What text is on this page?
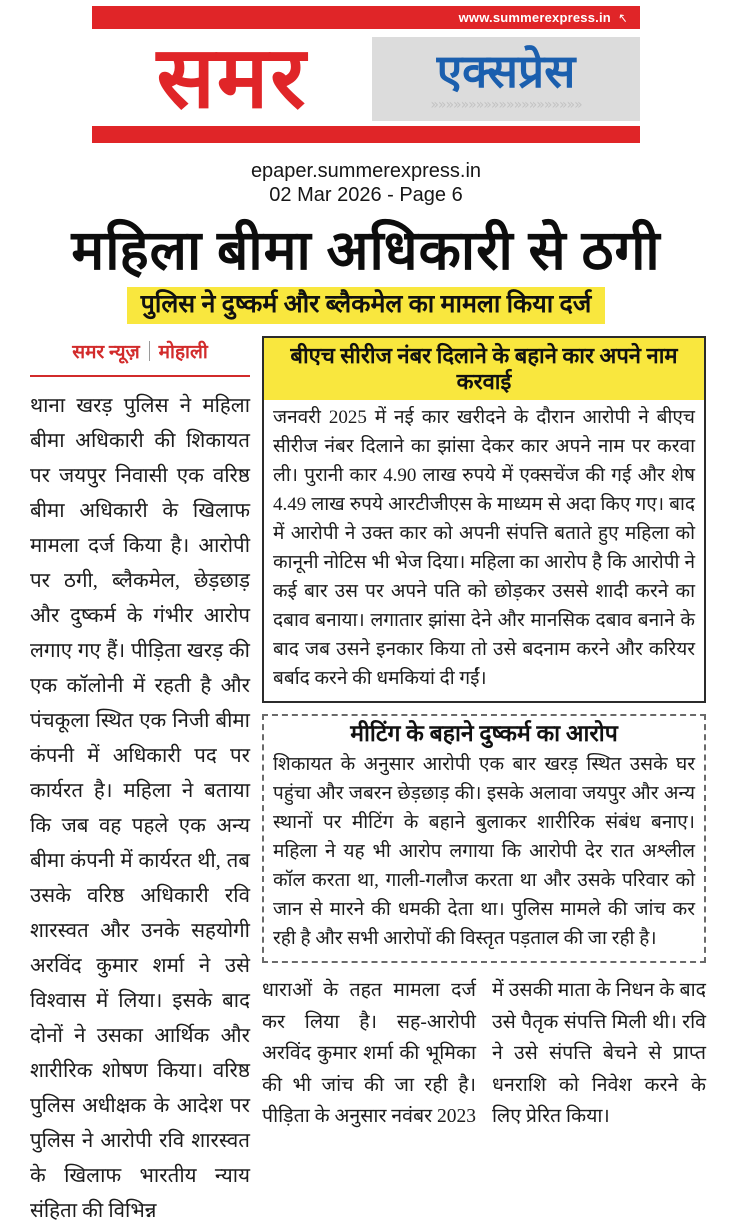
www.summerexpress.in ↖
समर	एक्सप्रेस
»»»»»»»»»»»»»»»»»»»»
epaper.summerexpress.in
02 Mar 2026 - Page 6
महिला बीमा अधिकारी से ठगी
पुलिस ने दुष्कर्म और ब्लैकमेल का मामला किया दर्ज
समर न्यूज़ मोहाली

थाना खरड़ पुलिस ने महिला बीमा अधिकारी की शिकायत पर जयपुर निवासी एक वरिष्ठ बीमा अधिकारी के खिलाफ मामला दर्ज किया है। आरोपी पर ठगी, ब्लैकमेल, छेड़छाड़ और दुष्कर्म के गंभीर आरोप लगाए गए हैं। पीड़िता खरड़ की एक कॉलोनी में रहती है और पंचकूला स्थित एक निजी बीमा कंपनी में अधिकारी पद पर कार्यरत है। महिला ने बताया कि जब वह पहले एक अन्य बीमा कंपनी में कार्यरत थी, तब उसके वरिष्ठ अधिकारी रवि शारस्वत और उनके सहयोगी अरविंद कुमार शर्मा ने उसे विश्वास में लिया। इसके बाद दोनों ने उसका आर्थिक और शारीरिक शोषण किया। वरिष्ठ पुलिस अधीक्षक के आदेश पर पुलिस ने आरोपी रवि शारस्वत के खिलाफ भारतीय न्याय संहिता की विभिन्न

बीएच सीरीज नंबर दिलाने के बहाने कार अपने नाम करवाई

जनवरी 2025 में नई कार खरीदने के दौरान आरोपी ने बीएच सीरीज नंबर दिलाने का झांसा देकर कार अपने नाम पर करवा ली। पुरानी कार 4.90 लाख रुपये में एक्सचेंज की गई और शेष 4.49 लाख रुपये आरटीजीएस के माध्यम से अदा किए गए। बाद में आरोपी ने उक्त कार को अपनी संपत्ति बताते हुए महिला को कानूनी नोटिस भी भेज दिया। महिला का आरोप है कि आरोपी ने कई बार उस पर अपने पति को छोड़कर उससे शादी करने का दबाव बनाया। लगातार झांसा देने और मानसिक दबाव बनाने के बाद जब उसने इनकार किया तो उसे बदनाम करने और करियर बर्बाद करने की धमकियां दी गईं।

मीटिंग के बहाने दुष्कर्म का आरोप

शिकायत के अनुसार आरोपी एक बार खरड़ स्थित उसके घर पहुंचा और जबरन छेड़छाड़ की। इसके अलावा जयपुर और अन्य स्थानों पर मीटिंग के बहाने बुलाकर शारीरिक संबंध बनाए। महिला ने यह भी आरोप लगाया कि आरोपी देर रात अश्लील कॉल करता था, गाली-गलौज करता था और उसके परिवार को जान से मारने की धमकी देता था। पुलिस मामले की जांच कर रही है और सभी आरोपों की विस्तृत पड़ताल की जा रही है।

धाराओं के तहत मामला दर्ज कर लिया है। सह-आरोपी अरविंद कुमार शर्मा की भूमिका की भी जांच की जा रही है। पीड़िता के अनुसार नवंबर 2023

में उसकी माता के निधन के बाद उसे पैतृक संपत्ति मिली थी। रवि ने उसे संपत्ति बेचने से प्राप्त धनराशि को निवेश करने के लिए प्रेरित किया।
